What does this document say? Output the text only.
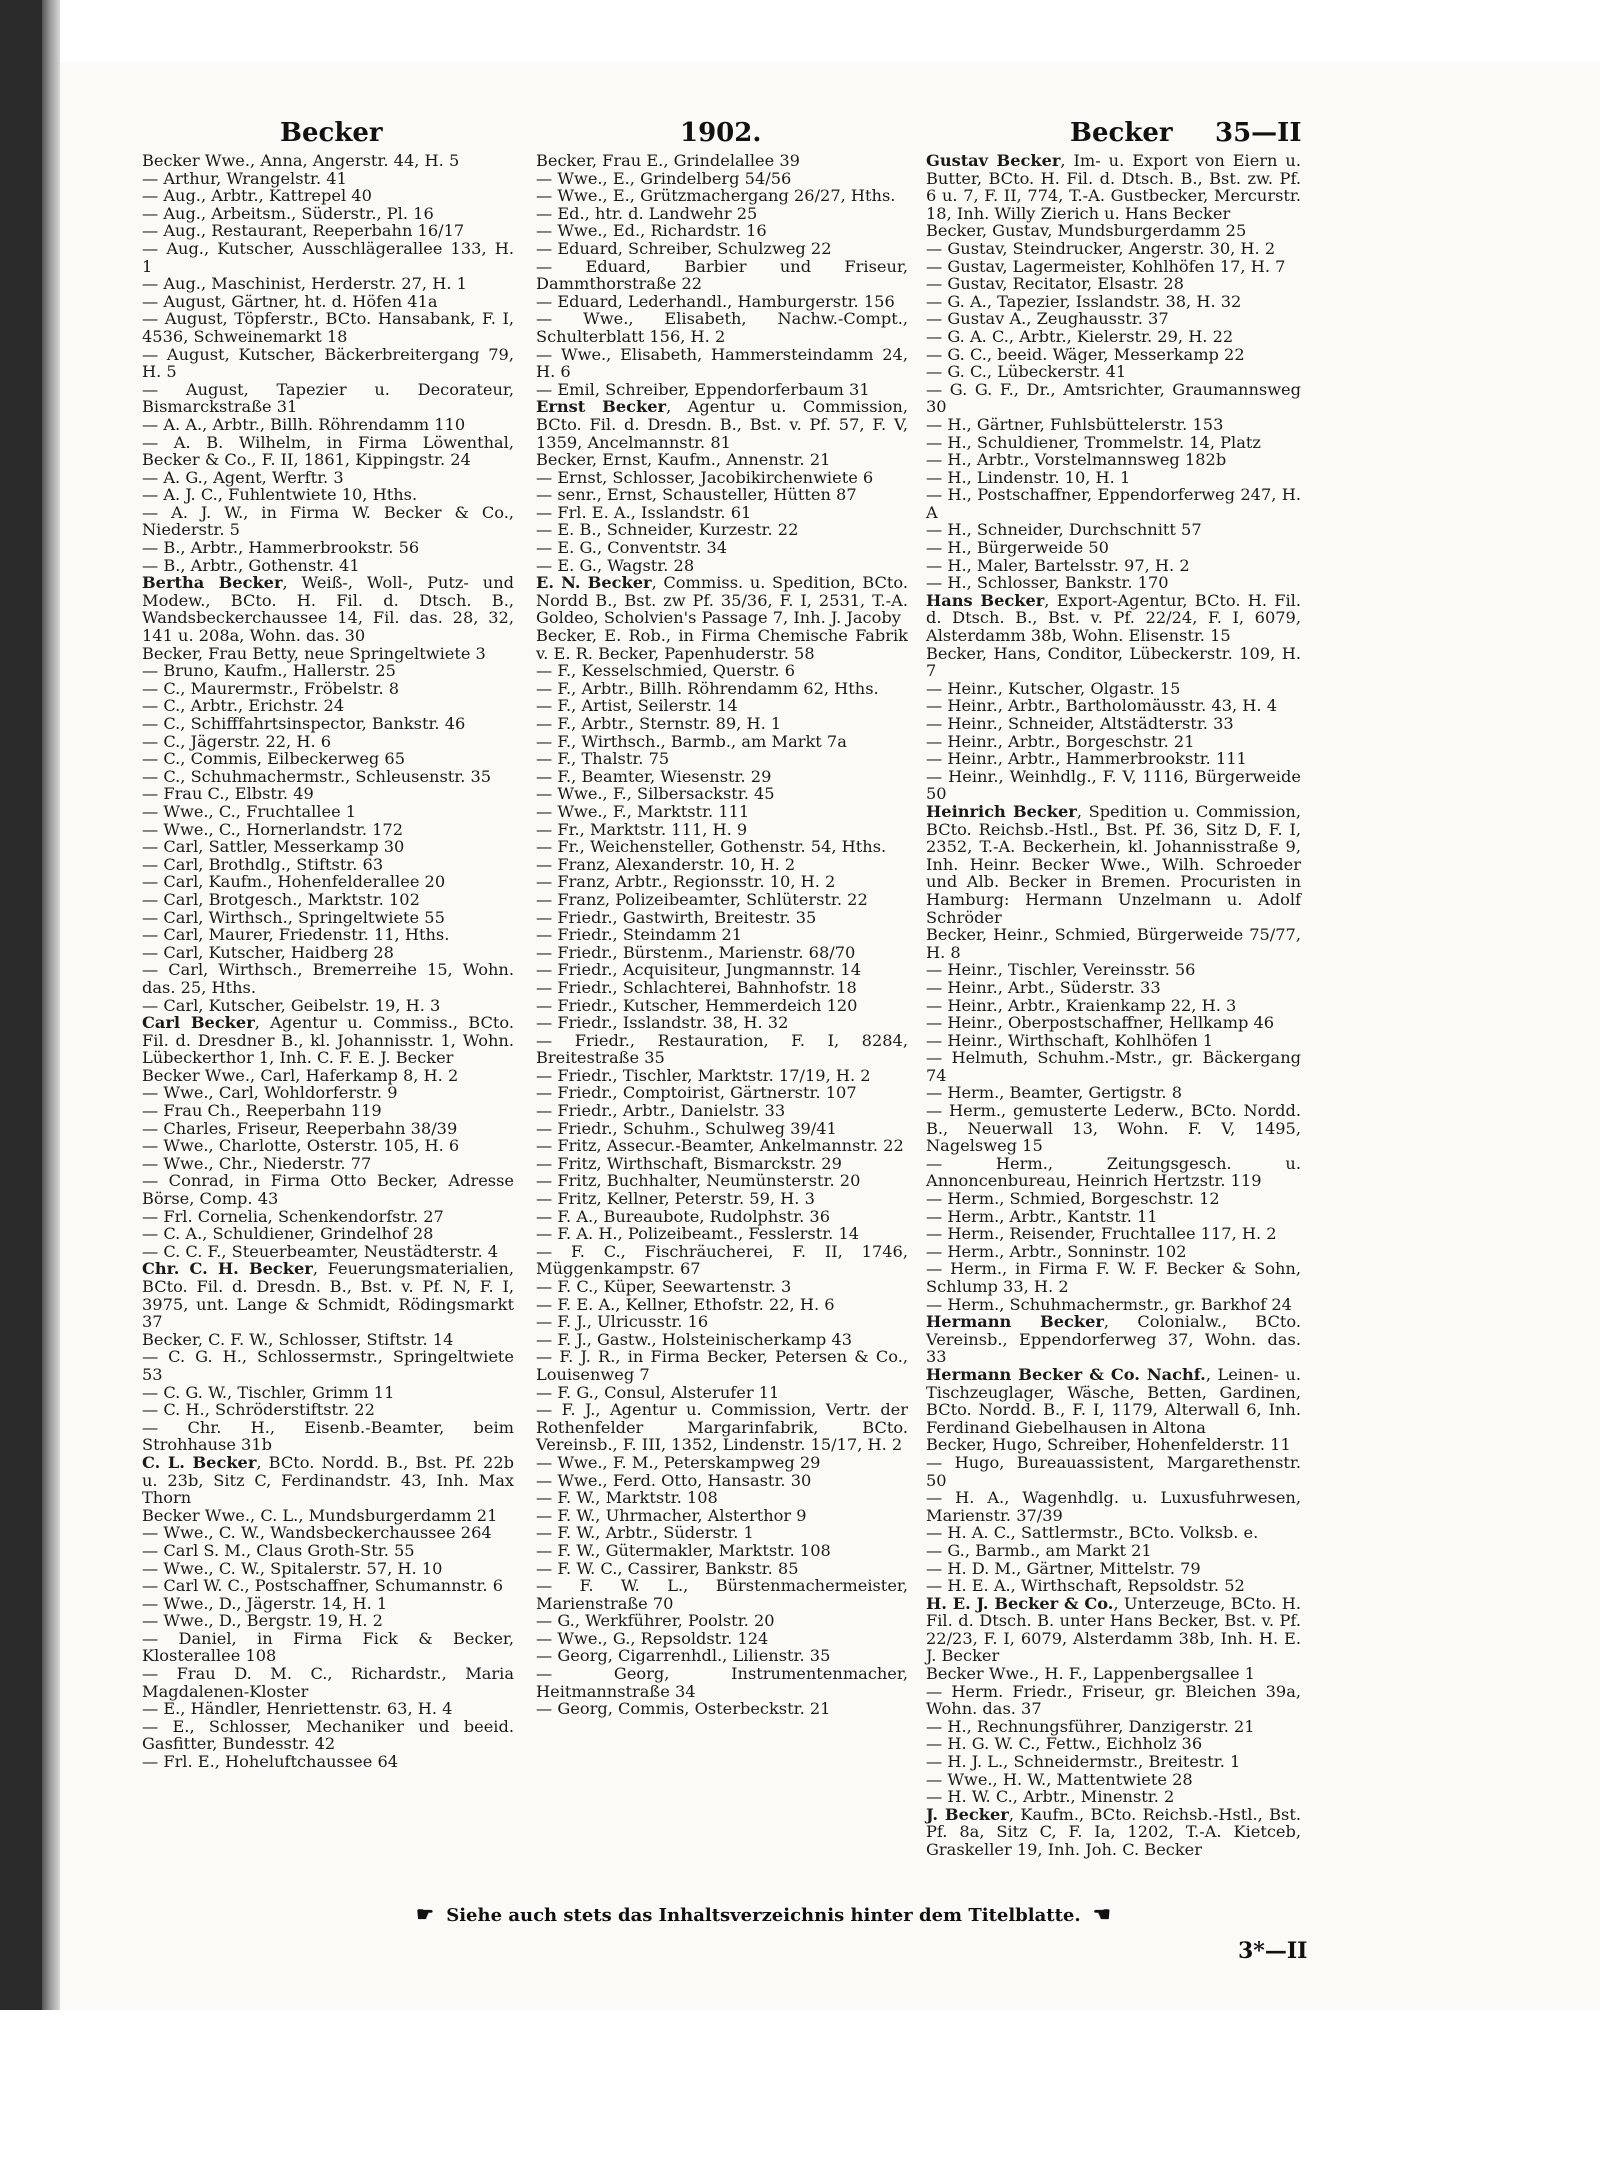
Becker	1902.	Becker 35—II

Becker Wwe., Anna, Angerstr. 44, H. 5

— Arthur, Wrangelstr. 41

— Aug., Arbtr., Kattrepel 40

— Aug., Arbeitsm., Süderstr., Pl. 16

— Aug., Restaurant, Reeperbahn 16/17

— Aug., Kutscher, Ausschlägerallee 133, H. 1

— Aug., Maschinist, Herderstr. 27, H. 1

— August, Gärtner, ht. d. Höfen 41a

— August, Töpferstr., BCto. Hansabank, F. I, 4536, Schweinemarkt 18

— August, Kutscher, Bäckerbreitergang 79, H. 5

— August, Tapezier u. Decorateur, Bismarckstraße 31

— A. A., Arbtr., Billh. Röhrendamm 110

— A. B. Wilhelm, in Firma Löwenthal, Becker & Co., F. II, 1861, Kippingstr. 24

— A. G., Agent, Werftr. 3

— A. J. C., Fuhlentwiete 10, Hths.

— A. J. W., in Firma W. Becker & Co., Niederstr. 5

— B., Arbtr., Hammerbrookstr. 56

— B., Arbtr., Gothenstr. 41

Bertha Becker, Weiß-, Woll-, Putz- und Modew., BCto. H. Fil. d. Dtsch. B., Wandsbeckerchaussee 14, Fil. das. 28, 32, 141 u. 208a, Wohn. das. 30

Becker, Frau Betty, neue Springeltwiete 3

— Bruno, Kaufm., Hallerstr. 25

— C., Maurermstr., Fröbelstr. 8

— C., Arbtr., Erichstr. 24

— C., Schifffahrtsinspector, Bankstr. 46

— C., Jägerstr. 22, H. 6

— C., Commis, Eilbeckerweg 65

— C., Schuhmachermstr., Schleusenstr. 35

— Frau C., Elbstr. 49

— Wwe., C., Fruchtallee 1

— Wwe., C., Hornerlandstr. 172

— Carl, Sattler, Messerkamp 30

— Carl, Brothdlg., Stiftstr. 63

— Carl, Kaufm., Hohenfelderallee 20

— Carl, Brotgesch., Marktstr. 102

— Carl, Wirthsch., Springeltwiete 55

— Carl, Maurer, Friedenstr. 11, Hths.

— Carl, Kutscher, Haidberg 28

— Carl, Wirthsch., Bremerreihe 15, Wohn. das. 25, Hths.

— Carl, Kutscher, Geibelstr. 19, H. 3

Carl Becker, Agentur u. Commiss., BCto. Fil. d. Dresdner B., kl. Johannisstr. 1, Wohn. Lübeckerthor 1, Inh. C. F. E. J. Becker

Becker Wwe., Carl, Haferkamp 8, H. 2

— Wwe., Carl, Wohldorferstr. 9

— Frau Ch., Reeperbahn 119

— Charles, Friseur, Reeperbahn 38/39

— Wwe., Charlotte, Osterstr. 105, H. 6

— Wwe., Chr., Niederstr. 77

— Conrad, in Firma Otto Becker, Adresse Börse, Comp. 43

— Frl. Cornelia, Schenkendorfstr. 27

— C. A., Schuldiener, Grindelhof 28

— C. C. F., Steuerbeamter, Neustädterstr. 4

Chr. C. H. Becker, Feuerungsmaterialien, BCto. Fil. d. Dresdn. B., Bst. v. Pf. N, F. I, 3975, unt. Lange & Schmidt, Rödingsmarkt 37

Becker, C. F. W., Schlosser, Stiftstr. 14

— C. G. H., Schlossermstr., Springeltwiete 53

— C. G. W., Tischler, Grimm 11

— C. H., Schröderstiftstr. 22

— Chr. H., Eisenb.-Beamter, beim Strohhause 31b

C. L. Becker, BCto. Nordd. B., Bst. Pf. 22b u. 23b, Sitz C, Ferdinandstr. 43, Inh. Max Thorn

Becker Wwe., C. L., Mundsburgerdamm 21

— Wwe., C. W., Wandsbeckerchaussee 264

— Carl S. M., Claus Groth-Str. 55

— Wwe., C. W., Spitalerstr. 57, H. 10

— Carl W. C., Postschaffner, Schumannstr. 6

— Wwe., D., Jägerstr. 14, H. 1

— Wwe., D., Bergstr. 19, H. 2

— Daniel, in Firma Fick & Becker, Klosterallee 108

— Frau D. M. C., Richardstr., Maria Magdalenen-Kloster

— E., Händler, Henriettenstr. 63, H. 4

— E., Schlosser, Mechaniker und beeid. Gasfitter, Bundesstr. 42

— Frl. E., Hoheluftchaussee 64

Becker, Frau E., Grindelallee 39

— Wwe., E., Grindelberg 54/56

— Wwe., E., Grützmachergang 26/27, Hths.

— Ed., htr. d. Landwehr 25

— Wwe., Ed., Richardstr. 16

— Eduard, Schreiber, Schulzweg 22

— Eduard, Barbier und Friseur, Dammthorstraße 22

— Eduard, Lederhandl., Hamburgerstr. 156

— Wwe., Elisabeth, Nachw.-Compt., Schulterblatt 156, H. 2

— Wwe., Elisabeth, Hammersteindamm 24, H. 6

— Emil, Schreiber, Eppendorferbaum 31

Ernst Becker, Agentur u. Commission, BCto. Fil. d. Dresdn. B., Bst. v. Pf. 57, F. V, 1359, Ancelmannstr. 81

Becker, Ernst, Kaufm., Annenstr. 21

— Ernst, Schlosser, Jacobikirchenwiete 6

— senr., Ernst, Schausteller, Hütten 87

— Frl. E. A., Isslandstr. 61

— E. B., Schneider, Kurzestr. 22

— E. G., Conventstr. 34

— E. G., Wagstr. 28

E. N. Becker, Commiss. u. Spedition, BCto. Nordd B., Bst. zw Pf. 35/36, F. I, 2531, T.-A. Goldeo, Scholvien's Passage 7, Inh. J. Jacoby

Becker, E. Rob., in Firma Chemische Fabrik v. E. R. Becker, Papenhuderstr. 58

— F., Kesselschmied, Querstr. 6

— F., Arbtr., Billh. Röhrendamm 62, Hths.

— F., Artist, Seilerstr. 14

— F., Arbtr., Sternstr. 89, H. 1

— F., Wirthsch., Barmb., am Markt 7a

— F., Thalstr. 75

— F., Beamter, Wiesenstr. 29

— Wwe., F., Silbersackstr. 45

— Wwe., F., Marktstr. 111

— Fr., Marktstr. 111, H. 9

— Fr., Weichensteller, Gothenstr. 54, Hths.

— Franz, Alexanderstr. 10, H. 2

— Franz, Arbtr., Regionsstr. 10, H. 2

— Franz, Polizeibeamter, Schlüterstr. 22

— Friedr., Gastwirth, Breitestr. 35

— Friedr., Steindamm 21

— Friedr., Bürstenm., Marienstr. 68/70

— Friedr., Acquisiteur, Jungmannstr. 14

— Friedr., Schlachterei, Bahnhofstr. 18

— Friedr., Kutscher, Hemmerdeich 120

— Friedr., Isslandstr. 38, H. 32

— Friedr., Restauration, F. I, 8284, Breitestraße 35

— Friedr., Tischler, Marktstr. 17/19, H. 2

— Friedr., Comptoirist, Gärtnerstr. 107

— Friedr., Arbtr., Danielstr. 33

— Friedr., Schuhm., Schulweg 39/41

— Fritz, Assecur.-Beamter, Ankelmannstr. 22

— Fritz, Wirthschaft, Bismarckstr. 29

— Fritz, Buchhalter, Neumünsterstr. 20

— Fritz, Kellner, Peterstr. 59, H. 3

— F. A., Bureaubote, Rudolphstr. 36

— F. A. H., Polizeibeamt., Fesslerstr. 14

— F. C., Fischräucherei, F. II, 1746, Müggenkampstr. 67

— F. C., Küper, Seewartenstr. 3

— F. E. A., Kellner, Ethofstr. 22, H. 6

— F. J., Ulricusstr. 16

— F. J., Gastw., Holsteinischerkamp 43

— F. J. R., in Firma Becker, Petersen & Co., Louisenweg 7

— F. G., Consul, Alsterufer 11

— F. J., Agentur u. Commission, Vertr. der Rothenfelder Margarinfabrik, BCto. Vereinsb., F. III, 1352, Lindenstr. 15/17, H. 2

— Wwe., F. M., Peterskampweg 29

— Wwe., Ferd. Otto, Hansastr. 30

— F. W., Marktstr. 108

— F. W., Uhrmacher, Alsterthor 9

— F. W., Arbtr., Süderstr. 1

— F. W., Gütermakler, Marktstr. 108

— F. W. C., Cassirer, Bankstr. 85

— F. W. L., Bürstenmachermeister, Marienstraße 70

— G., Werkführer, Poolstr. 20

— Wwe., G., Repsoldstr. 124

— Georg, Cigarrenhdl., Lilienstr. 35

— Georg, Instrumentenmacher, Heitmannstraße 34

— Georg, Commis, Osterbeckstr. 21

Gustav Becker, Im- u. Export von Eiern u. Butter, BCto. H. Fil. d. Dtsch. B., Bst. zw. Pf. 6 u. 7, F. II, 774, T.-A. Gustbecker, Mercurstr. 18, Inh. Willy Zierich u. Hans Becker

Becker, Gustav, Mundsburgerdamm 25

— Gustav, Steindrucker, Angerstr. 30, H. 2

— Gustav, Lagermeister, Kohlhöfen 17, H. 7

— Gustav, Recitator, Elsastr. 28

— G. A., Tapezier, Isslandstr. 38, H. 32

— Gustav A., Zeughausstr. 37

— G. A. C., Arbtr., Kielerstr. 29, H. 22

— G. C., beeid. Wäger, Messerkamp 22

— G. C., Lübeckerstr. 41

— G. G. F., Dr., Amtsrichter, Graumannsweg 30

— H., Gärtner, Fuhlsbüttelerstr. 153

— H., Schuldiener, Trommelstr. 14, Platz

— H., Arbtr., Vorstelmannsweg 182b

— H., Lindenstr. 10, H. 1

— H., Postschaffner, Eppendorferweg 247, H. A

— H., Schneider, Durchschnitt 57

— H., Bürgerweide 50

— H., Maler, Bartelsstr. 97, H. 2

— H., Schlosser, Bankstr. 170

Hans Becker, Export-Agentur, BCto. H. Fil. d. Dtsch. B., Bst. v. Pf. 22/24, F. I, 6079, Alsterdamm 38b, Wohn. Elisenstr. 15

Becker, Hans, Conditor, Lübeckerstr. 109, H. 7

— Heinr., Kutscher, Olgastr. 15

— Heinr., Arbtr., Bartholomäusstr. 43, H. 4

— Heinr., Schneider, Altstädterstr. 33

— Heinr., Arbtr., Borgeschstr. 21

— Heinr., Arbtr., Hammerbrookstr. 111

— Heinr., Weinhdlg., F. V, 1116, Bürgerweide 50

Heinrich Becker, Spedition u. Commission, BCto. Reichsb.-Hstl., Bst. Pf. 36, Sitz D, F. I, 2352, T.-A. Beckerhein, kl. Johannisstraße 9, Inh. Heinr. Becker Wwe., Wilh. Schroeder und Alb. Becker in Bremen. Procuristen in Hamburg: Hermann Unzelmann u. Adolf Schröder

Becker, Heinr., Schmied, Bürgerweide 75/77, H. 8

— Heinr., Tischler, Vereinsstr. 56

— Heinr., Arbt., Süderstr. 33

— Heinr., Arbtr., Kraienkamp 22, H. 3

— Heinr., Oberpostschaffner, Hellkamp 46

— Heinr., Wirthschaft, Kohlhöfen 1

— Helmuth, Schuhm.-Mstr., gr. Bäckergang 74

— Herm., Beamter, Gertigstr. 8

— Herm., gemusterte Lederw., BCto. Nordd. B., Neuerwall 13, Wohn. F. V, 1495, Nagelsweg 15

— Herm., Zeitungsgesch. u. Annoncenbureau, Heinrich Hertzstr. 119

— Herm., Schmied, Borgeschstr. 12

— Herm., Arbtr., Kantstr. 11

— Herm., Reisender, Fruchtallee 117, H. 2

— Herm., Arbtr., Sonninstr. 102

— Herm., in Firma F. W. F. Becker & Sohn, Schlump 33, H. 2

— Herm., Schuhmachermstr., gr. Barkhof 24

Hermann Becker, Colonialw., BCto. Vereinsb., Eppendorferweg 37, Wohn. das. 33

Hermann Becker & Co. Nachf., Leinen- u. Tischzeuglager, Wäsche, Betten, Gardinen, BCto. Nordd. B., F. I, 1179, Alterwall 6, Inh. Ferdinand Giebelhausen in Altona

Becker, Hugo, Schreiber, Hohenfelderstr. 11

— Hugo, Bureauassistent, Margarethenstr. 50

— H. A., Wagenhdlg. u. Luxusfuhrwesen, Marienstr. 37/39

— H. A. C., Sattlermstr., BCto. Volksb. e.

— G., Barmb., am Markt 21

— H. D. M., Gärtner, Mittelstr. 79

— H. E. A., Wirthschaft, Repsoldstr. 52

H. E. J. Becker & Co., Unterzeuge, BCto. H. Fil. d. Dtsch. B. unter Hans Becker, Bst. v. Pf. 22/23, F. I, 6079, Alsterdamm 38b, Inh. H. E. J. Becker

Becker Wwe., H. F., Lappenbergsallee 1

— Herm. Friedr., Friseur, gr. Bleichen 39a, Wohn. das. 37

— H., Rechnungsführer, Danzigerstr. 21

— H. G. W. C., Fettw., Eichholz 36

— H. J. L., Schneidermstr., Breitestr. 1

— Wwe., H. W., Mattentwiete 28

— H. W. C., Arbtr., Minenstr. 2

J. Becker, Kaufm., BCto. Reichsb.-Hstl., Bst. Pf. 8a, Sitz C, F. Ia, 1202, T.-A. Kietceb, Graskeller 19, Inh. Joh. C. Becker

☛ Siehe auch stets das Inhaltsverzeichnis hinter dem Titelblatte. ☚
3*—II
